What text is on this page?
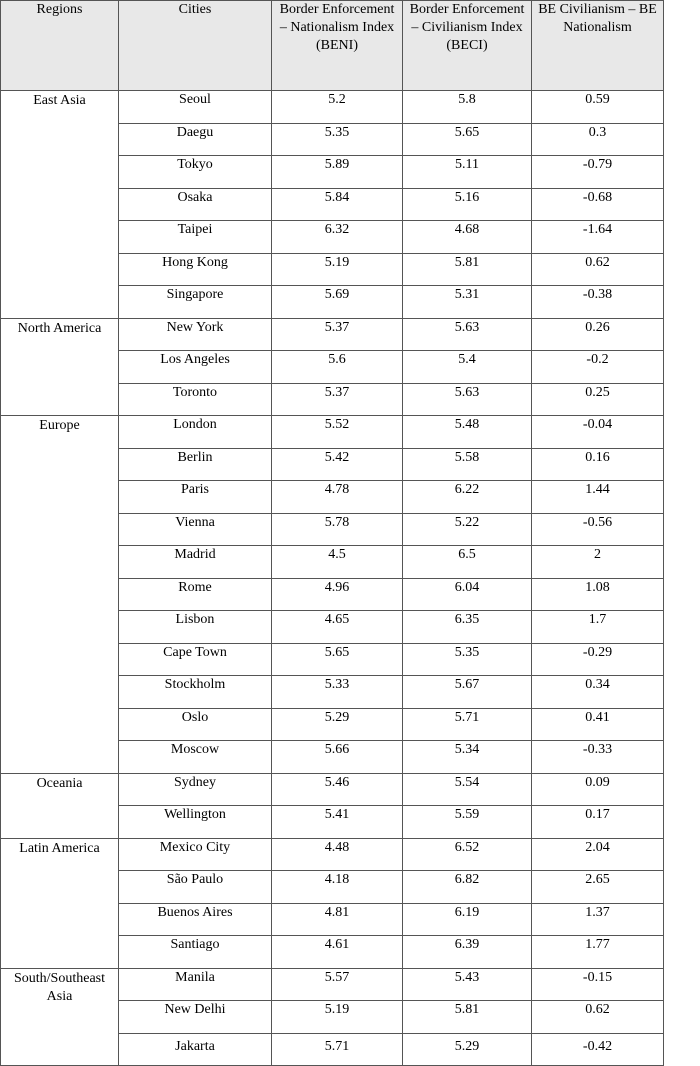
Regions	Cities	Border Enforcement – Nationalism Index (BENI)	Border Enforcement – Civilianism Index (BECI)	BE Civilianism – BE Nationalism
East Asia	Seoul	5.2	5.8	0.59
	Daegu	5.35	5.65	0.3
	Tokyo	5.89	5.11	-0.79
	Osaka	5.84	5.16	-0.68
	Taipei	6.32	4.68	-1.64
	Hong Kong	5.19	5.81	0.62
	Singapore	5.69	5.31	-0.38
North America	New York	5.37	5.63	0.26
	Los Angeles	5.6	5.4	-0.2
	Toronto	5.37	5.63	0.25
Europe	London	5.52	5.48	-0.04
	Berlin	5.42	5.58	0.16
	Paris	4.78	6.22	1.44
	Vienna	5.78	5.22	-0.56
	Madrid	4.5	6.5	2
	Rome	4.96	6.04	1.08
	Lisbon	4.65	6.35	1.7
	Cape Town	5.65	5.35	-0.29
	Stockholm	5.33	5.67	0.34
	Oslo	5.29	5.71	0.41
	Moscow	5.66	5.34	-0.33
Oceania	Sydney	5.46	5.54	0.09
	Wellington	5.41	5.59	0.17
Latin America	Mexico City	4.48	6.52	2.04
	São Paulo	4.18	6.82	2.65
	Buenos Aires	4.81	6.19	1.37
	Santiago	4.61	6.39	1.77
South/Southeast Asia	Manila	5.57	5.43	-0.15
	New Delhi	5.19	5.81	0.62
	Jakarta	5.71	5.29	-0.42
